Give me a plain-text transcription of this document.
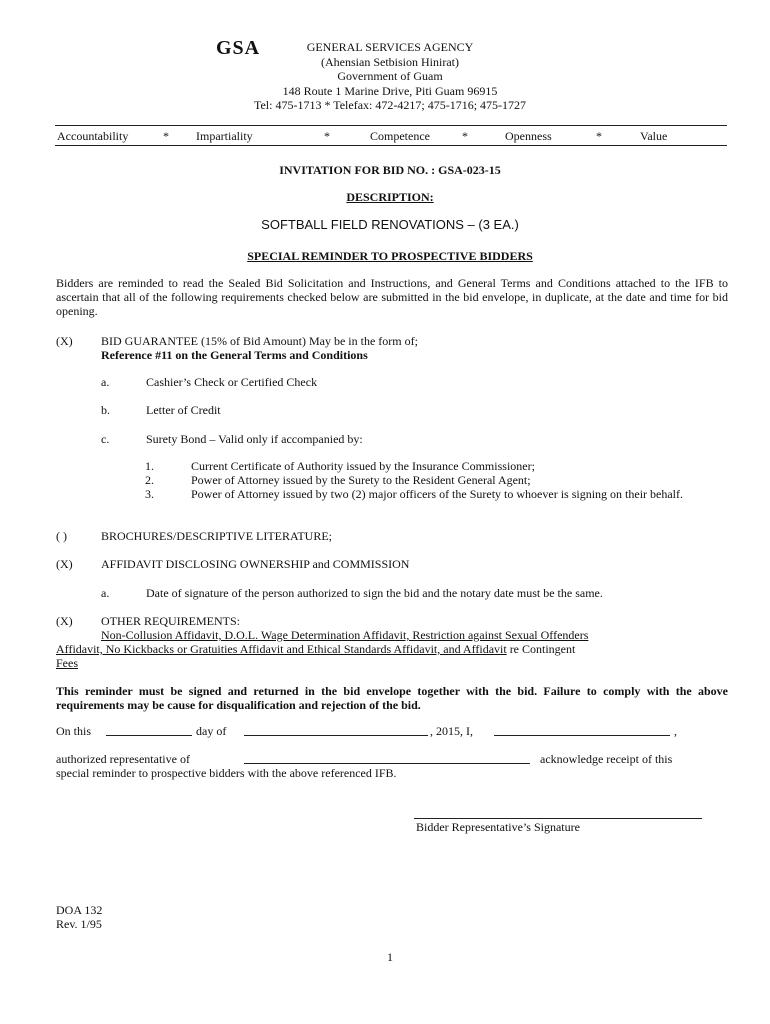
GSA	GENERAL SERVICES AGENCY
(Ahensian Setbision Hinirat)
Government of Guam
148 Route 1 Marine Drive, Piti Guam 96915
Tel: 475-1713 * Telefax: 472-4217; 475-1716; 475-1727
Accountability	* Impartiality	*	Competence	*	Openness	*	Value
INVITATION FOR BID NO. : GSA-023-15
DESCRIPTION:
SOFTBALL FIELD RENOVATIONS – (3 EA.)
SPECIAL REMINDER TO PROSPECTIVE BIDDERS
Bidders are reminded to read the Sealed Bid Solicitation and Instructions, and General Terms and Conditions attached to the IFB to ascertain that all of the following requirements checked below are submitted in the bid envelope, in duplicate, at the date and time for bid opening.
(X)	BID GUARANTEE (15% of Bid Amount) May be in the form of;
Reference #11 on the General Terms and Conditions
a.	Cashier’s Check or Certified Check
b.	Letter of Credit
c.	Surety Bond – Valid only if accompanied by:
1.	Current Certificate of Authority issued by the Insurance Commissioner;
2.	Power of Attorney issued by the Surety to the Resident General Agent;
3.	Power of Attorney issued by two (2) major officers of the Surety to whoever is signing on their behalf.
( )	BROCHURES/DESCRIPTIVE LITERATURE;
(X)	AFFIDAVIT DISCLOSING OWNERSHIP and COMMISSION
a.	Date of signature of the person authorized to sign the bid and the notary date must be the same.
(X)	OTHER REQUIREMENTS:
Non-Collusion Affidavit, D.O.L. Wage Determination Affidavit, Restriction against Sexual Offenders
Affidavit, No Kickbacks or Gratuities Affidavit and Ethical Standards Affidavit, and Affidavit re Contingent
Fees
This reminder must be signed and returned in the bid envelope together with the bid. Failure to comply with the above requirements may be cause for disqualification and rejection of the bid.
On this	day of	, 2015, I,	,
authorized representative of	acknowledge receipt of this
special reminder to prospective bidders with the above referenced IFB.
Bidder Representative’s Signature
DOA 132
Rev. 1/95
1
